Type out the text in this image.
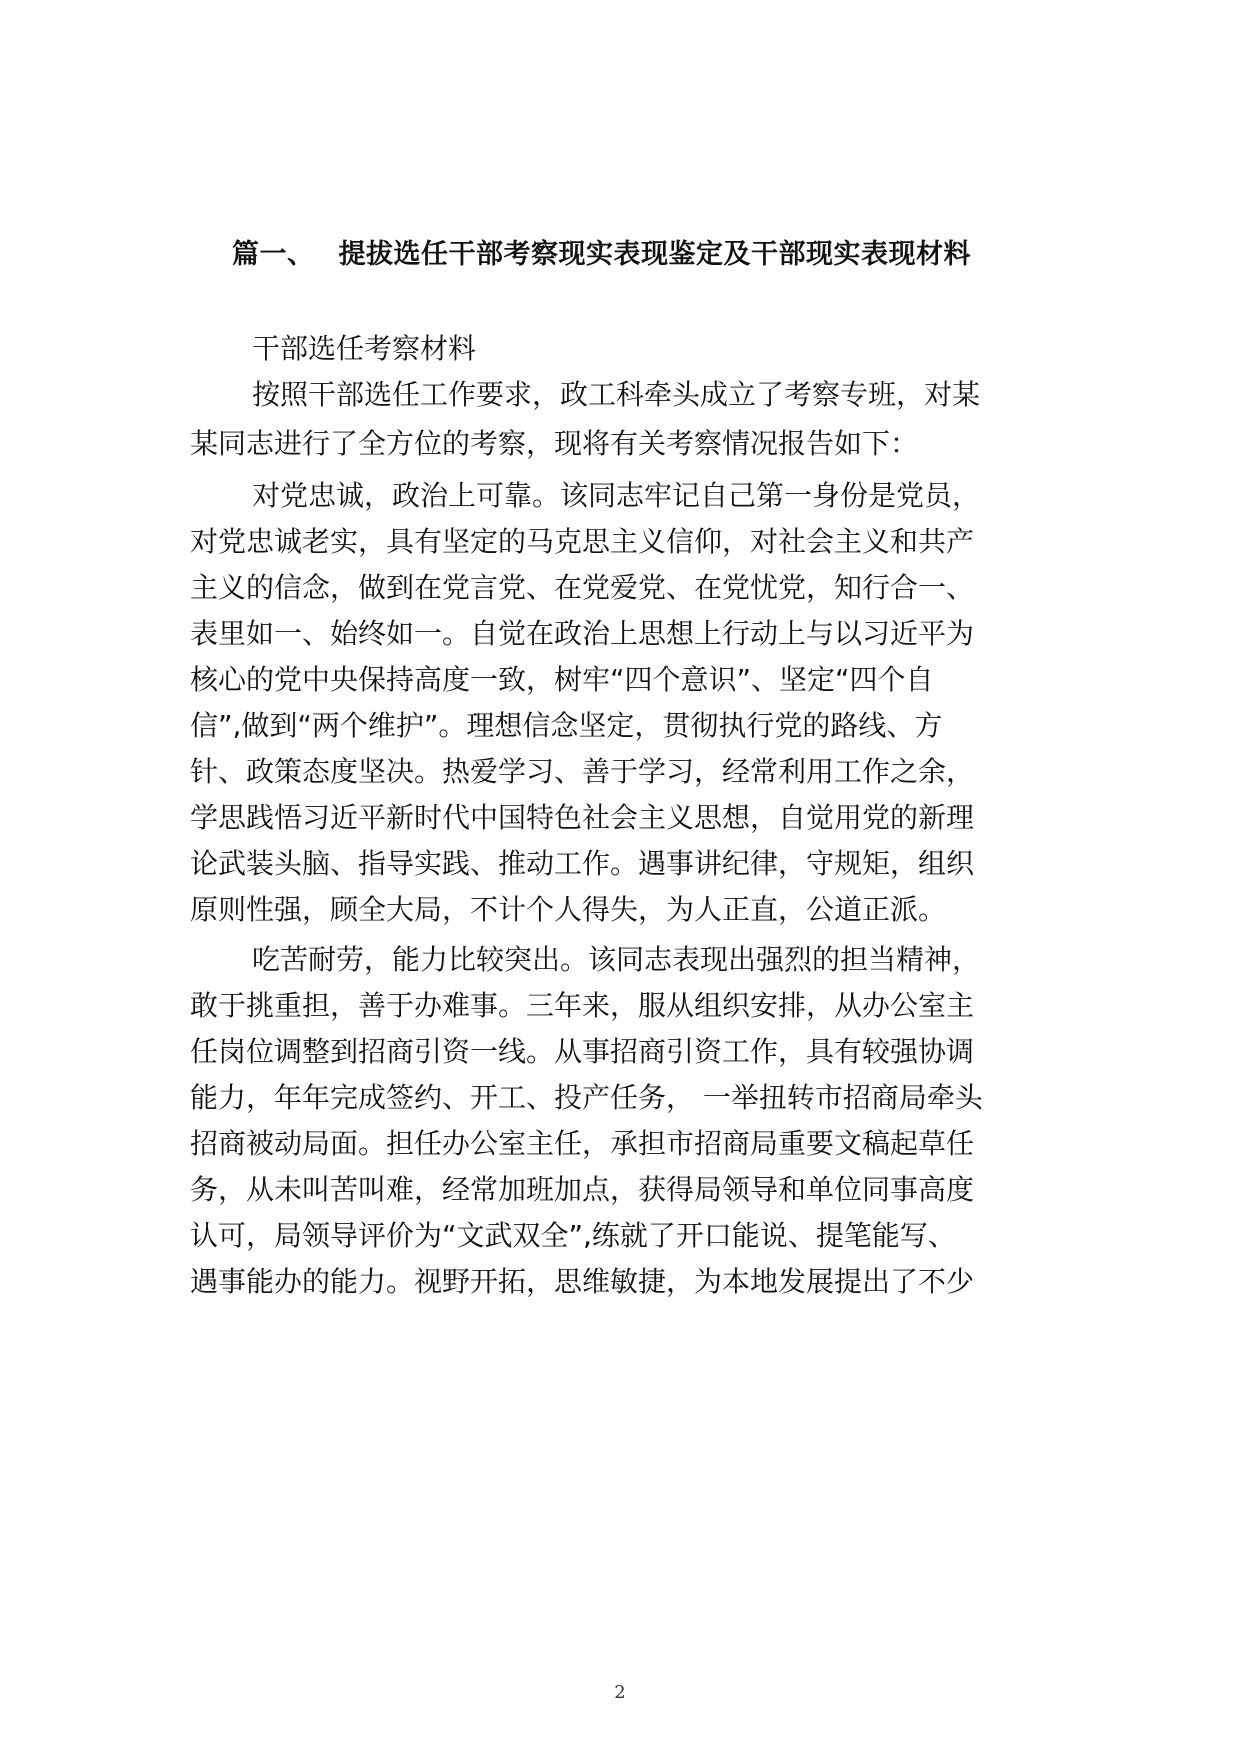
篇一、 提拔选任干部考察现实表现鉴定及干部现实表现材料

干部选任考察材料

按照干部选任工作要求，政工科牵头成立了考察专班，对某

某同志进行了全方位的考察，现将有关考察情况报告如下：

对党忠诚，政治上可靠。该同志牢记自己第一身份是党员，

对党忠诚老实，具有坚定的马克思主义信仰，对社会主义和共产

主义的信念，做到在党言党、在党爱党、在党忧党，知行合一、

表里如一、始终如一。自觉在政治上思想上行动上与以习近平为

核心的党中央保持高度一致，树牢“四个意识”、坚定“四个自

信”,做到“两个维护”。理想信念坚定，贯彻执行党的路线、方

针、政策态度坚决。热爱学习、善于学习，经常利用工作之余，

学思践悟习近平新时代中国特色社会主义思想，自觉用党的新理

论武装头脑、指导实践、推动工作。遇事讲纪律，守规矩，组织

原则性强，顾全大局，不计个人得失，为人正直，公道正派。

吃苦耐劳，能力比较突出。该同志表现出强烈的担当精神，

敢于挑重担，善于办难事。三年来，服从组织安排，从办公室主

任岗位调整到招商引资一线。从事招商引资工作，具有较强协调

能力，年年完成签约、开工、投产任务， 一举扭转市招商局牵头

招商被动局面。担任办公室主任，承担市招商局重要文稿起草任

务，从未叫苦叫难，经常加班加点，获得局领导和单位同事高度

认可，局领导评价为“文武双全”,练就了开口能说、提笔能写、

遇事能办的能力。视野开拓，思维敏捷，为本地发展提出了不少

2
